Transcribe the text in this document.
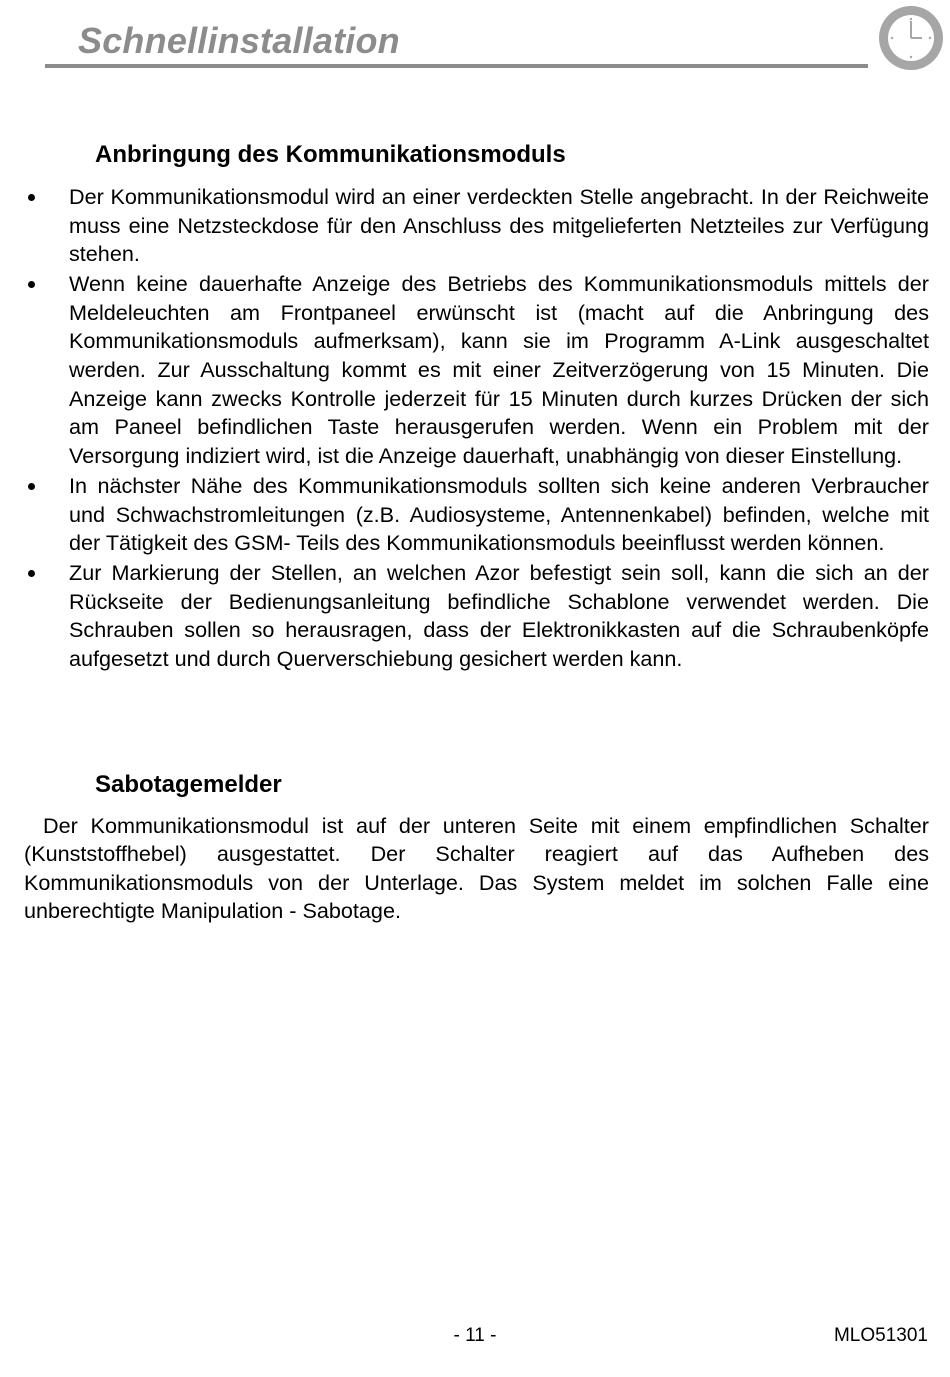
Schnellinstallation
Anbringung des Kommunikationsmoduls
Der Kommunikationsmodul wird an einer verdeckten Stelle angebracht. In der Reichweite muss eine Netzsteckdose für den Anschluss des mitgelieferten Netzteiles zur Verfügung stehen.
Wenn keine dauerhafte Anzeige des Betriebs des Kommunikationsmoduls mittels der Meldeleuchten am Frontpaneel erwünscht ist (macht auf die Anbringung des Kommunikationsmoduls aufmerksam), kann sie im Programm A-Link ausgeschaltet werden. Zur Ausschaltung kommt es mit einer Zeitverzögerung von 15 Minuten. Die Anzeige kann zwecks Kontrolle jederzeit für 15 Minuten durch kurzes Drücken der sich am Paneel befindlichen Taste herausgerufen werden. Wenn ein Problem mit der Versorgung indiziert wird, ist die Anzeige dauerhaft, unabhängig von dieser Einstellung.
In nächster Nähe des Kommunikationsmoduls sollten sich keine anderen Verbraucher und Schwachstromleitungen (z.B. Audiosysteme, Antennenkabel) befinden, welche mit der Tätigkeit des GSM- Teils des Kommunikationsmoduls beeinflusst werden können.
Zur Markierung der Stellen, an welchen Azor befestigt sein soll, kann die sich an der Rückseite der Bedienungsanleitung befindliche Schablone verwendet werden. Die Schrauben sollen so herausragen, dass der Elektronikkasten auf die Schraubenköpfe aufgesetzt und durch Querverschiebung gesichert werden kann.
Sabotagemelder

Der Kommunikationsmodul ist auf der unteren Seite mit einem empfindlichen Schalter (Kunststoffhebel) ausgestattet. Der Schalter reagiert auf das Aufheben des Kommunikationsmoduls von der Unterlage. Das System meldet im solchen Falle eine unberechtigte Manipulation - Sabotage.

- 11 -	MLO51301
